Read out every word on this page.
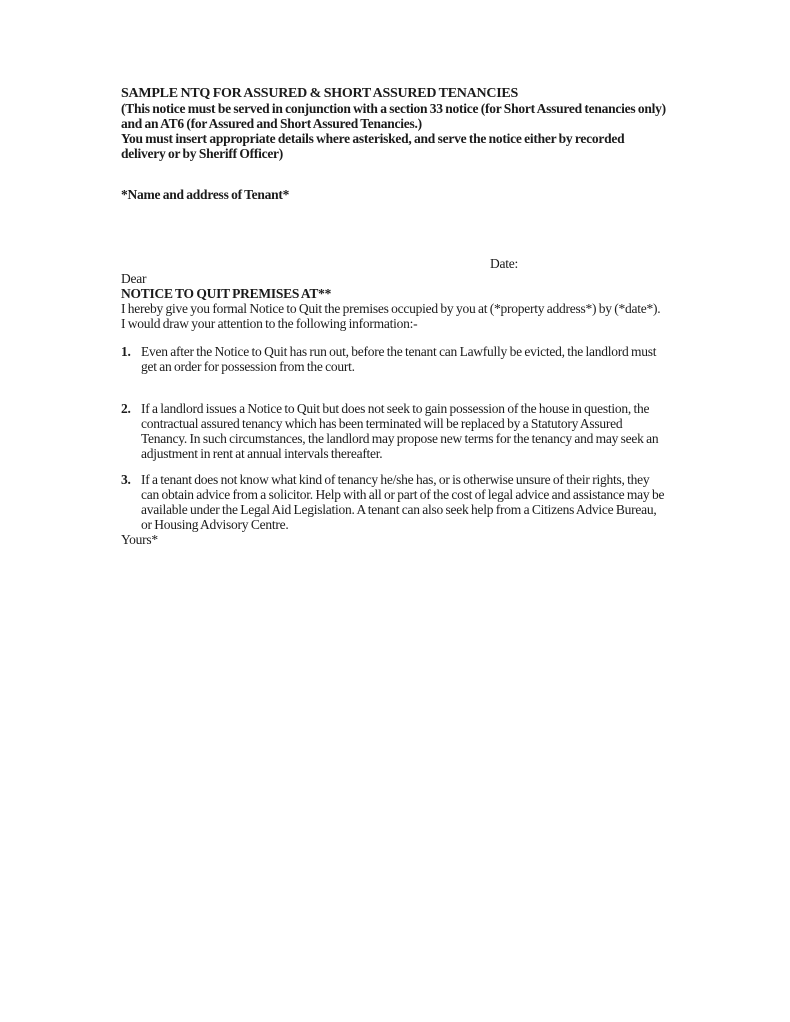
SAMPLE NTQ FOR ASSURED & SHORT ASSURED TENANCIES

(This notice must be served in conjunction with a section 33 notice (for Short Assured tenancies only) and an AT6 (for Assured and Short Assured Tenancies.)

You must insert appropriate details where asterisked, and serve the notice either by recorded delivery or by Sheriff Officer)

*Name and address of Tenant*

Date:

Dear

NOTICE TO QUIT PREMISES AT**

I hereby give you formal Notice to Quit the premises occupied by you at (*property address*) by (*date*).

I would draw your attention to the following information:-

1. Even after the Notice to Quit has run out, before the tenant can Lawfully be evicted, the landlord must get an order for possession from the court.
2. If a landlord issues a Notice to Quit but does not seek to gain possession of the house in question, the contractual assured tenancy which has been terminated will be replaced by a Statutory Assured Tenancy. In such circumstances, the landlord may propose new terms for the tenancy and may seek an adjustment in rent at annual intervals thereafter.
3. If a tenant does not know what kind of tenancy he/she has, or is otherwise unsure of their rights, they can obtain advice from a solicitor. Help with all or part of the cost of legal advice and assistance may be available under the Legal Aid Legislation. A tenant can also seek help from a Citizens Advice Bureau, or Housing Advisory Centre.

Yours*
